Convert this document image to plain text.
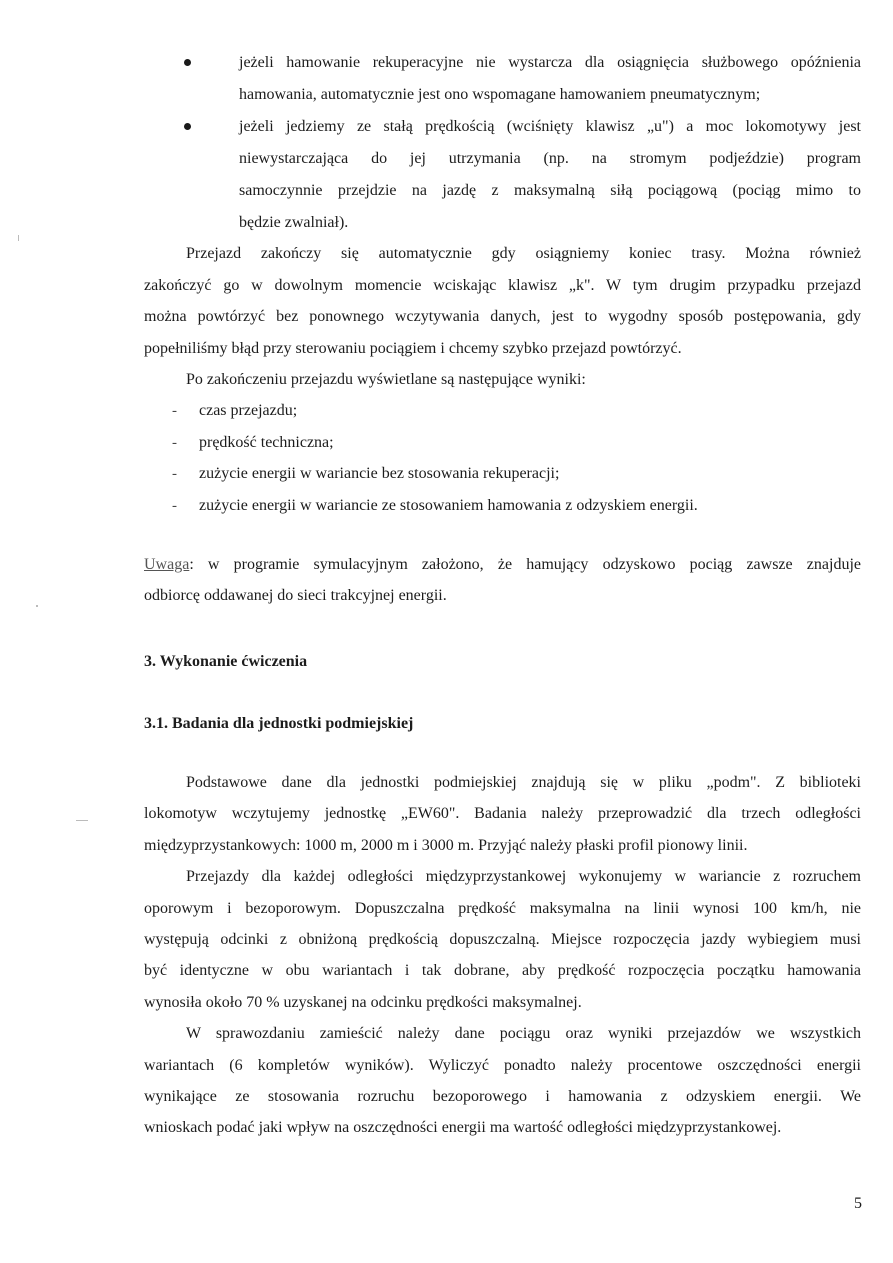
jeżeli hamowanie rekuperacyjne nie wystarcza dla osiągnięcia służbowego opóźnienia
hamowania, automatycznie jest ono wspomagane hamowaniem pneumatycznym;
jeżeli jedziemy ze stałą prędkością (wciśnięty klawisz „u") a moc lokomotywy jest
niewystarczająca do jej utrzymania (np. na stromym podjeździe) program
samoczynnie przejdzie na jazdę z maksymalną siłą pociągową (pociąg mimo to
będzie zwalniał).
Przejazd zakończy się automatycznie gdy osiągniemy koniec trasy. Można również
zakończyć go w dowolnym momencie wciskając klawisz „k". W tym drugim przypadku przejazd
można powtórzyć bez ponownego wczytywania danych, jest to wygodny sposób postępowania, gdy
popełniliśmy błąd przy sterowaniu pociągiem i chcemy szybko przejazd powtórzyć.
Po zakończeniu przejazdu wyświetlane są następujące wyniki:
- czas przejazdu;
- prędkość techniczna;
- zużycie energii w wariancie bez stosowania rekuperacji;
- zużycie energii w wariancie ze stosowaniem hamowania z odzyskiem energii.
Uwaga : w programie symulacyjnym założono, że hamujący odzyskowo pociąg zawsze znajduje
odbiorcę oddawanej do sieci trakcyjnej energii.
3. Wykonanie ćwiczenia
3.1. Badania dla jednostki podmiejskiej
Podstawowe dane dla jednostki podmiejskiej znajdują się w pliku „podm". Z biblioteki
lokomotyw wczytujemy jednostkę „EW60". Badania należy przeprowadzić dla trzech odległości
międzyprzystankowych: 1000 m, 2000 m i 3000 m. Przyjąć należy płaski profil pionowy linii.
Przejazdy dla każdej odległości międzyprzystankowej wykonujemy w wariancie z rozruchem
oporowym i bezoporowym. Dopuszczalna prędkość maksymalna na linii wynosi 100 km/h, nie
występują odcinki z obniżoną prędkością dopuszczalną. Miejsce rozpoczęcia jazdy wybiegiem musi
być identyczne w obu wariantach i tak dobrane, aby prędkość rozpoczęcia początku hamowania
wynosiła około 70 % uzyskanej na odcinku prędkości maksymalnej.
W sprawozdaniu zamieścić należy dane pociągu oraz wyniki przejazdów we wszystkich
wariantach (6 kompletów wyników). Wyliczyć ponadto należy procentowe oszczędności energii
wynikające ze stosowania rozruchu bezoporowego i hamowania z odzyskiem energii. We
wnioskach podać jaki wpływ na oszczędności energii ma wartość odległości międzyprzystankowej.
5
